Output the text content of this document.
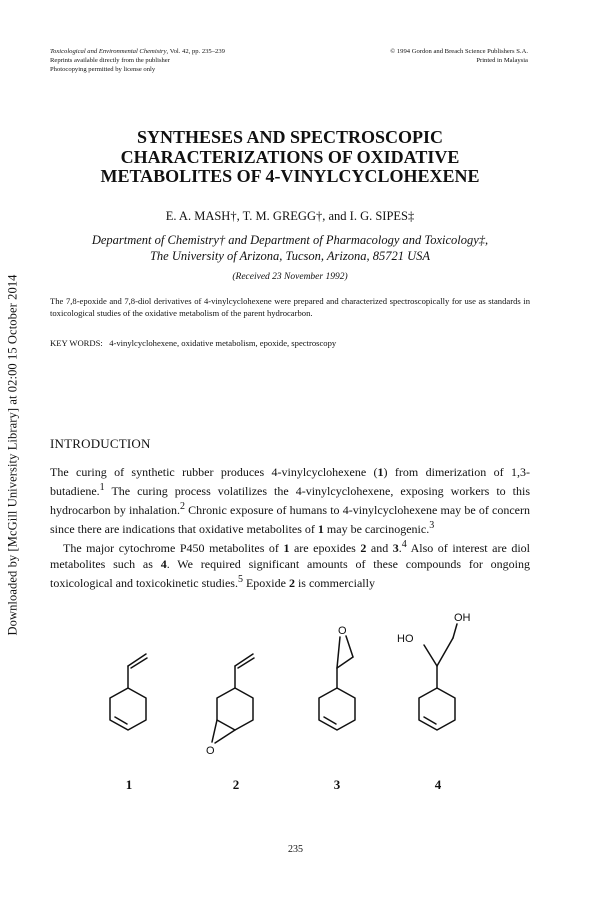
Downloaded by [McGill University Library] at 02:00 15 October 2014
Toxicological and Environmental Chemistry, Vol. 42, pp. 235–239
Reprints available directly from the publisher
Photocopying permitted by license only
© 1994 Gordon and Breach Science Publishers S.A.
Printed in Malaysia
SYNTHESES AND SPECTROSCOPIC
CHARACTERIZATIONS OF OXIDATIVE
METABOLITES OF 4-VINYLCYCLOHEXENE
E. A. MASH†, T. M. GREGG†, and I. G. SIPES‡
Department of Chemistry† and Department of Pharmacology and Toxicology‡,
The University of Arizona, Tucson, Arizona, 85721 USA
(Received 23 November 1992)
The 7,8-epoxide and 7,8-diol derivatives of 4-vinylcyclohexene were prepared and characterized spectroscopically for use as standards in toxicological studies of the oxidative metabolism of the parent hydrocarbon.
KEY WORDS: 4-vinylcyclohexene, oxidative metabolism, epoxide, spectroscopy
INTRODUCTION

The curing of synthetic rubber produces 4-vinylcyclohexene (1) from dimerization of 1,3-butadiene.$^1$ The curing process volatilizes the 4-vinylcyclohexene, exposing workers to this hydrocarbon by inhalation.$^2$ Chronic exposure of humans to 4-vinylcyclohexene may be of concern since there are indications that oxidative metabolites of 1 may be carcinogenic.$^3$

The major cytochrome P450 metabolites of 1 are epoxides 2 and 3.$^4$ Also of interest are diol metabolites such as 4. We required significant amounts of these compounds for ongoing toxicological and toxicokinetic studies.$^5$ Epoxide 2 is commercially

O
O
HO
OH
1	2	3	4
235
